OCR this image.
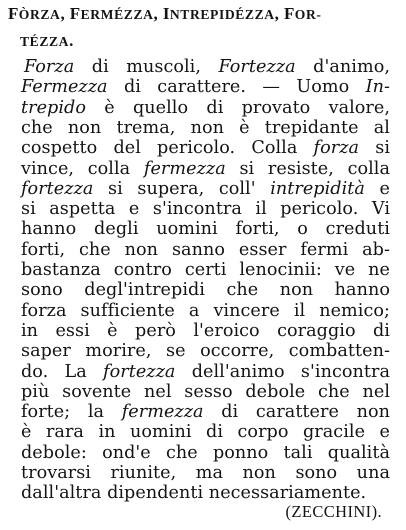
FÒRZA, FERMÉZZA, INTREPIDÉZZA, FOR-
TÉZZA.
Forza di muscoli, Fortezza d'animo,
Fermezza di carattere. — Uomo In-
trepido è quello di provato valore,
che non trema, non è trepidante al
cospetto del pericolo. Colla forza si
vince, colla fermezza si resiste, colla
fortezza si supera, coll' intrepidità e
si aspetta e s'incontra il pericolo. Vi
hanno degli uomini forti, o creduti
forti, che non sanno esser fermi ab-
bastanza contro certi lenocinii: ve ne
sono degl'intrepidi che non hanno
forza sufficiente a vincere il nemico;
in essi è però l'eroico coraggio di
saper morire, se occorre, combatten-
do. La fortezza dell'animo s'incontra
più sovente nel sesso debole che nel
forte; la fermezza di carattere non
è rara in uomini di corpo gracile e
debole: ond'e che ponno tali qualità
trovarsi riunite, ma non sono una
dall'altra dipendenti necessariamente.
(ZECCHINI).
